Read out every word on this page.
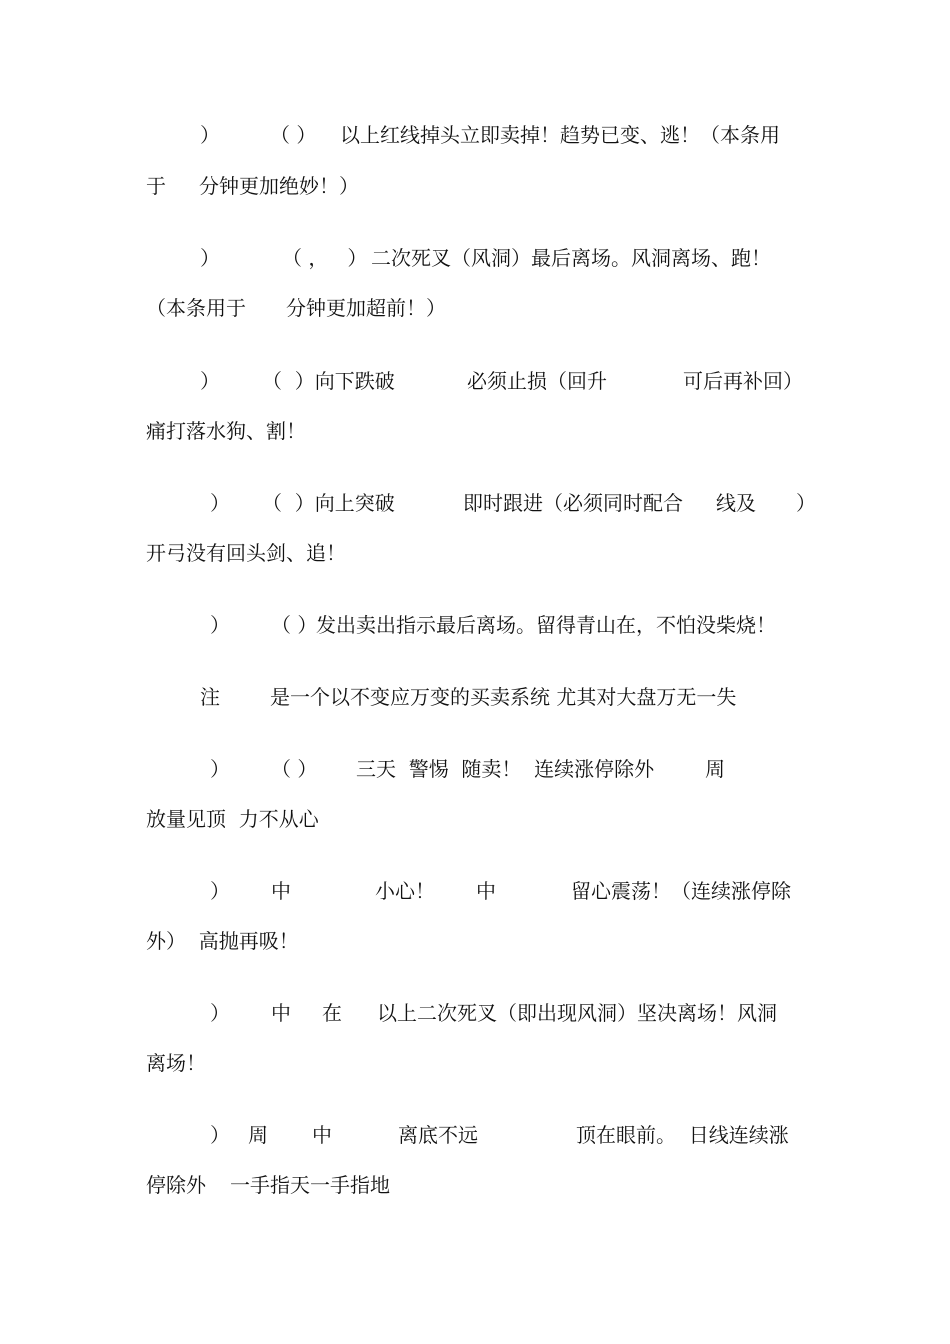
）	（ ） 以上红线掉头立即卖掉！趋势已变、逃！（本条用
于 分钟更加绝妙！）
）	（ ，   ） 二次死叉（风洞）最后离场。风洞离场、跑！
（本条用于 分钟更加超前！）
） （  ）向下跌破	必须止损（回升	可后再补回）
痛打落水狗、割！
） （  ）向上突破	即时跟进（必须同时配合 线及 ）
开弓没有回头剑、追！
） （ ）
发出卖出指示最后离场。留得青山在，不怕没柴烧！
注	是一个以不变应万变的买卖系统 尤其对大盘万无一失
） （ ） 三天  警惕  随卖！  连续涨停除外	周
放量见顶  力不从心
） 中	小心！ 中	留心震荡！（连续涨停除
外）  高抛再吸！
） 中 在 以上二次死叉（即出现风洞）坚决离场！风洞
离场！
） 周 中	离底不远	顶在眼前。  日线连续涨
停除外 一手指天一手指地
